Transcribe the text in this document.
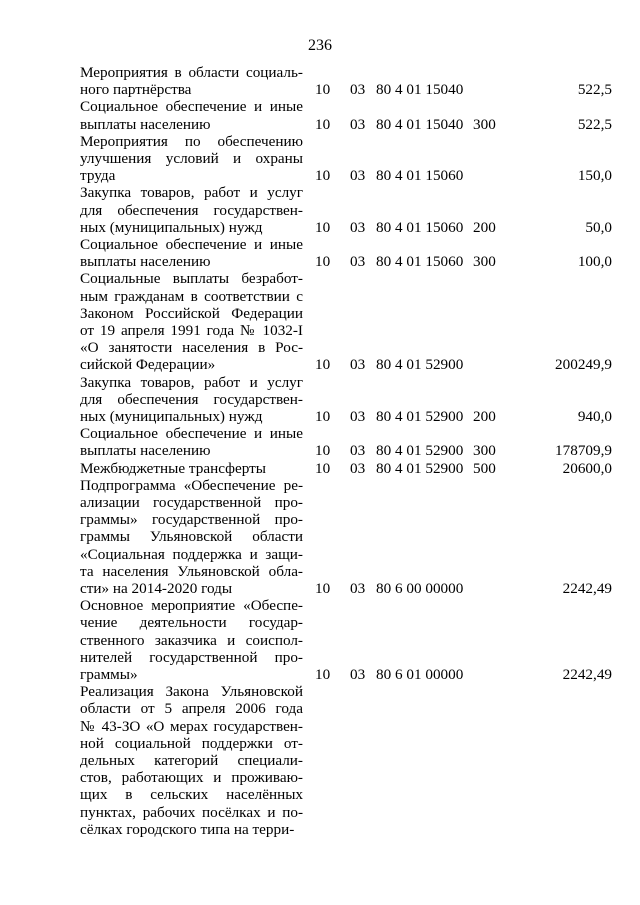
236
Мероприятия в области социаль-
ного партнёрства	10 03 80 4 01 15040	522,5
Социальное обеспечение и иные
выплаты населению	10 03 80 4 01 15040 300	522,5
Мероприятия по обеспечению
улучшения условий и охраны
труда	10 03 80 4 01 15060	150,0
Закупка товаров, работ и услуг
для обеспечения государствен-
ных (муниципальных) нужд	10 03 80 4 01 15060 200	50,0
Социальное обеспечение и иные
выплаты населению	10 03 80 4 01 15060 300	100,0
Социальные выплаты безработ-
ным гражданам в соответствии с
Законом Российской Федерации
от 19 апреля 1991 года № 1032-I
«О занятости населения в Рос-
сийской Федерации»	10 03 80 4 01 52900	200249,9
Закупка товаров, работ и услуг
для обеспечения государствен-
ных (муниципальных) нужд	10 03 80 4 01 52900 200	940,0
Социальное обеспечение и иные
выплаты населению	10 03 80 4 01 52900 300	178709,9
Межбюджетные трансферты	10 03 80 4 01 52900 500	20600,0
Подпрограмма «Обеспечение ре-
ализации государственной про-
граммы» государственной про-
граммы Ульяновской области
«Социальная поддержка и защи-
та населения Ульяновской обла-
сти» на 2014-2020 годы	10 03 80 6 00 00000	2242,49
Основное мероприятие «Обеспе-
чение деятельности государ-
ственного заказчика и соиспол-
нителей государственной про-
граммы»	10 03 80 6 01 00000	2242,49
Реализация Закона Ульяновской
области от 5 апреля 2006 года
№ 43-ЗО «О мерах государствен-
ной социальной поддержки от-
дельных категорий специали-
стов, работающих и проживаю-
щих в сельских населённых
пунктах, рабочих посёлках и по-
сёлках городского типа на терри-
